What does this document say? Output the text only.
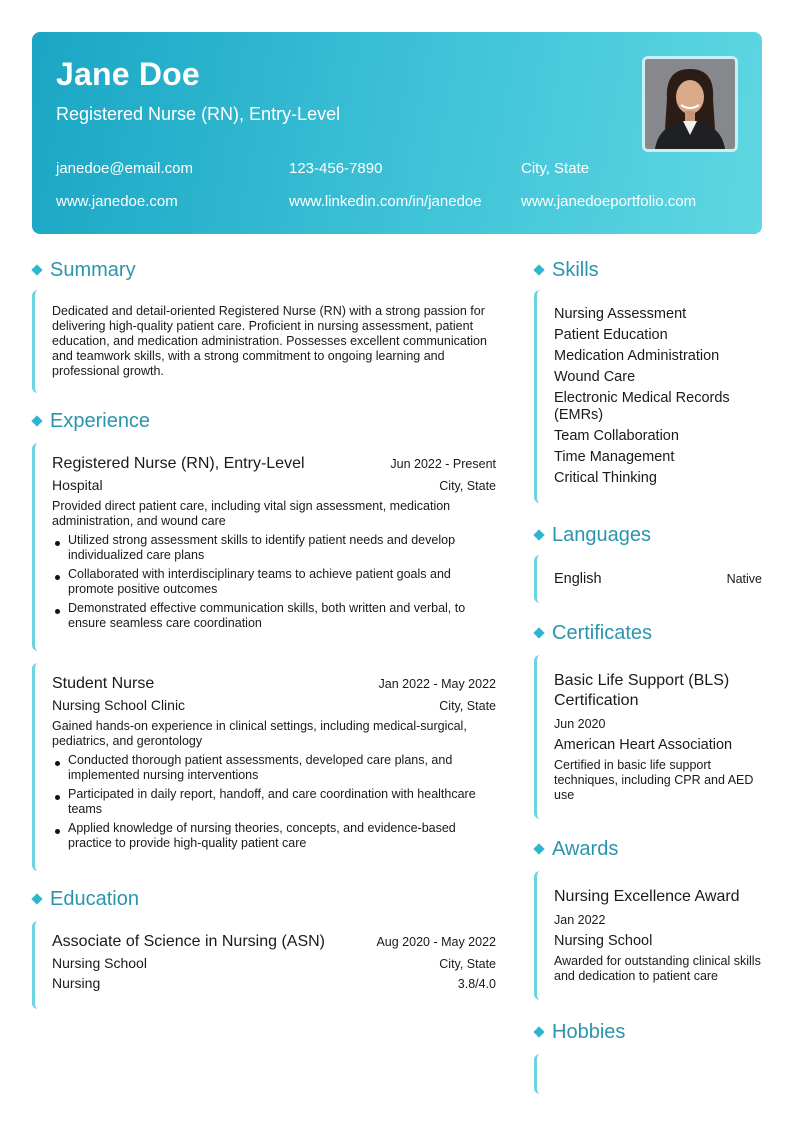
Jane Doe
Registered Nurse (RN), Entry-Level
janedoe@email.com	123-456-7890	City, State
www.janedoe.com	www.linkedin.com/in/janedoe	www.janedoeportfolio.com
Summary
Dedicated and detail-oriented Registered Nurse (RN) with a strong passion for delivering high-quality patient care. Proficient in nursing assessment, patient education, and medication administration. Possesses excellent communication and teamwork skills, with a strong commitment to ongoing learning and professional growth.
Experience
Registered Nurse (RN), Entry-Level	Jun 2022 - Present
Hospital	City, State
Provided direct patient care, including vital sign assessment, medication administration, and wound care
Utilized strong assessment skills to identify patient needs and develop individualized care plans
Collaborated with interdisciplinary teams to achieve patient goals and promote positive outcomes
Demonstrated effective communication skills, both written and verbal, to ensure seamless care coordination
Student Nurse	Jan 2022 - May 2022
Nursing School Clinic	City, State
Gained hands-on experience in clinical settings, including medical-surgical, pediatrics, and gerontology
Conducted thorough patient assessments, developed care plans, and implemented nursing interventions
Participated in daily report, handoff, and care coordination with healthcare teams
Applied knowledge of nursing theories, concepts, and evidence-based practice to provide high-quality patient care
Education
Associate of Science in Nursing (ASN)	Aug 2020 - May 2022
Nursing School	City, State
Nursing	3.8/4.0
Skills
Nursing Assessment
Patient Education
Medication Administration
Wound Care
Electronic Medical Records (EMRs)
Team Collaboration
Time Management
Critical Thinking
Languages
English	Native
Certificates
Basic Life Support (BLS) Certification
Jun 2020
American Heart Association
Certified in basic life support techniques, including CPR and AED use
Awards
Nursing Excellence Award
Jan 2022
Nursing School
Awarded for outstanding clinical skills and dedication to patient care
Hobbies
